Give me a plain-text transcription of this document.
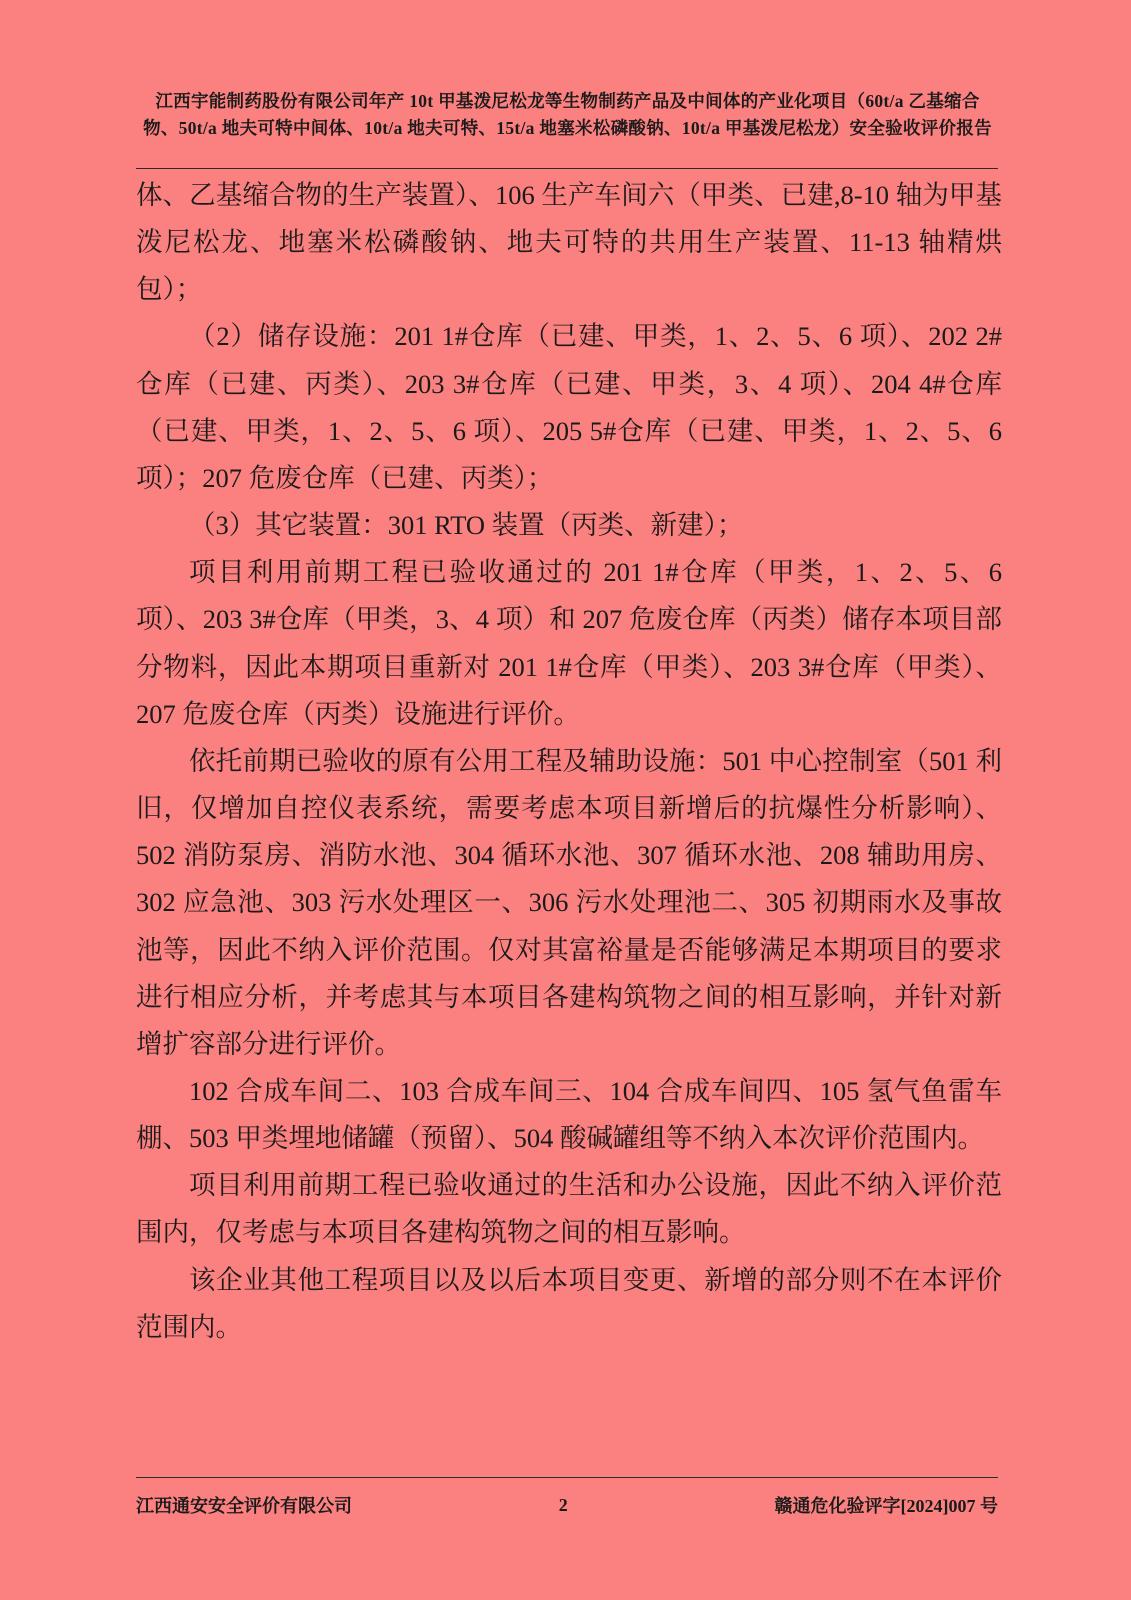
江西宇能制药股份有限公司年产 10t 甲基泼尼松龙等生物制药产品及中间体的产业化项目（60t/a 乙基缩合物、50t/a 地夫可特中间体、10t/a 地夫可特、15t/a 地塞米松磷酸钠、10t/a 甲基泼尼松龙）安全验收评价报告

体、乙基缩合物的生产装置）、106 生产车间六（甲类、已建,8-10 轴为甲基泼尼松龙、地塞米松磷酸钠、地夫可特的共用生产装置、11-13 轴精烘包）；

（2）储存设施：201 1#仓库（已建、甲类，1、2、5、6 项）、202 2#仓库（已建、丙类）、203 3#仓库（已建、甲类，3、4 项）、204 4#仓库（已建、甲类，1、2、5、6 项）、205 5#仓库（已建、甲类，1、2、5、6 项）；207 危废仓库（已建、丙类）；

（3）其它装置：301 RTO 装置（丙类、新建）；

项目利用前期工程已验收通过的 201 1#仓库（甲类，1、2、5、6 项）、203 3#仓库（甲类，3、4 项）和 207 危废仓库（丙类）储存本项目部分物料，因此本期项目重新对 201 1#仓库（甲类）、203 3#仓库（甲类）、207 危废仓库（丙类）设施进行评价。

依托前期已验收的原有公用工程及辅助设施：501 中心控制室（501 利旧，仅增加自控仪表系统，需要考虑本项目新增后的抗爆性分析影响）、502 消防泵房、消防水池、304 循环水池、307 循环水池、208 辅助用房、302 应急池、303 污水处理区一、306 污水处理池二、305 初期雨水及事故池等，因此不纳入评价范围。仅对其富裕量是否能够满足本期项目的要求进行相应分析，并考虑其与本项目各建构筑物之间的相互影响，并针对新增扩容部分进行评价。

102 合成车间二、103 合成车间三、104 合成车间四、105 氢气鱼雷车棚、503 甲类埋地储罐（预留）、504 酸碱罐组等不纳入本次评价范围内。

项目利用前期工程已验收通过的生活和办公设施，因此不纳入评价范围内，仅考虑与本项目各建构筑物之间的相互影响。

该企业其他工程项目以及以后本项目变更、新增的部分则不在本评价范围内。

江西通安安全评价有限公司	2	赣通危化验评字[2024]007 号
